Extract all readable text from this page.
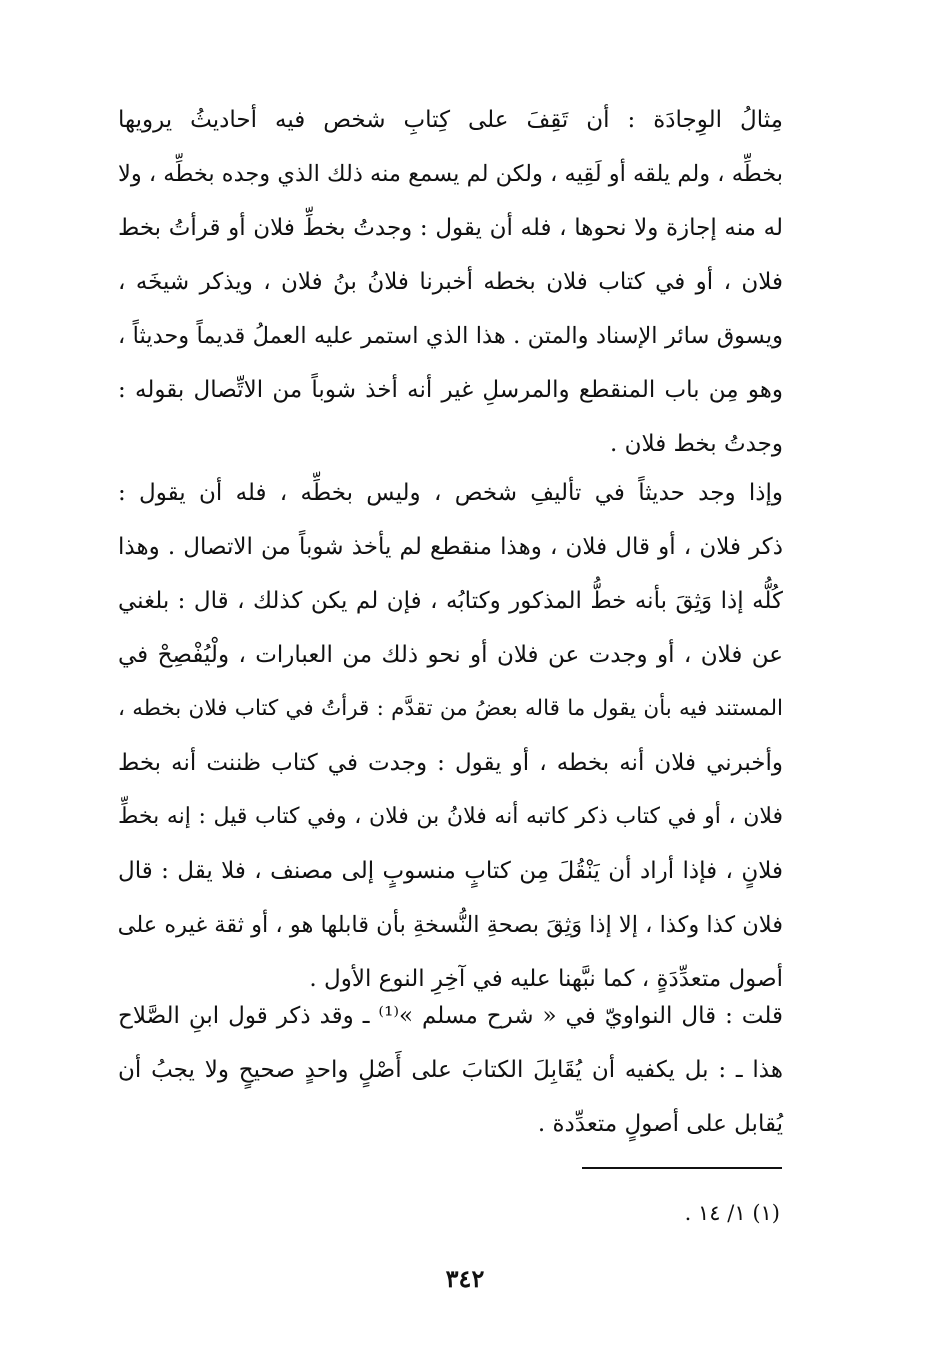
مِثالُ الوِجادَة : أن تَقِفَ على كِتابِ شخص فيه أحاديثُ يرويها
بخطِّه ، ولم يلقه أو لَقِيه ، ولكن لم يسمع منه ذلك الذي وجده بخطِّه ، ولا
له منه إجازة ولا نحوها ، فله أن يقول : وجدتُ بخطِّ فلان أو قرأتُ بخط
فلان ، أو في كتاب فلان بخطه أخبرنا فلانُ بنُ فلان ، ويذكر شيخَه ،
ويسوق سائر الإسناد والمتن . هذا الذي استمر عليه العملُ قديماً وحديثاً ،
وهو مِن باب المنقطع والمرسلِ غير أنه أخذ شوباً من الاتِّصال بقوله :
وجدتُ بخط فلان .
وإذا وجد حديثاً في تأليفِ شخص ، وليس بخطِّه ، فله أن يقول :
ذكر فلان ، أو قال فلان ، وهذا منقطع لم يأخذ شوباً من الاتصال . وهذا
كُلُّه إذا وَثِقَ بأنه خطُّ المذكور وكتابُه ، فإن لم يكن كذلك ، قال : بلغني
عن فلان ، أو وجدت عن فلان أو نحو ذلك من العبارات ، ولْيُفْصِحْ في
المستند فيه بأن يقول ما قاله بعضُ من تقدَّم : قرأتُ في كتاب فلان بخطه ،
وأخبرني فلان أنه بخطه ، أو يقول : وجدت في كتاب ظننت أنه بخط
فلان ، أو في كتاب ذكر كاتبه أنه فلانُ بن فلان ، وفي كتاب قيل : إنه بخطِّ
فلانٍ ، فإذا أراد أن يَنْقُلَ مِن كتابٍ منسوبٍ إلى مصنف ، فلا يقل : قال
فلان كذا وكذا ، إلا إذا وَثِقَ بصحةِ النُّسخةِ بأن قابلها هو ، أو ثقة غيره على
أصول متعدِّدَةٍ ، كما نبَّهنا عليه في آخِرِ النوع الأول .
قلت : قال النواويّ في « شرح مسلم »⁽¹⁾ ـ وقد ذكر قول ابنِ الصَّلاح
هذا ـ : بل يكفيه أن يُقَابِلَ الكتابَ على أَصْلٍ واحدٍ صحيحٍ ولا يجبُ أن
يُقابل على أصولٍ متعدِّدة .
(١) ١/ ١٤ .
٣٤٢
